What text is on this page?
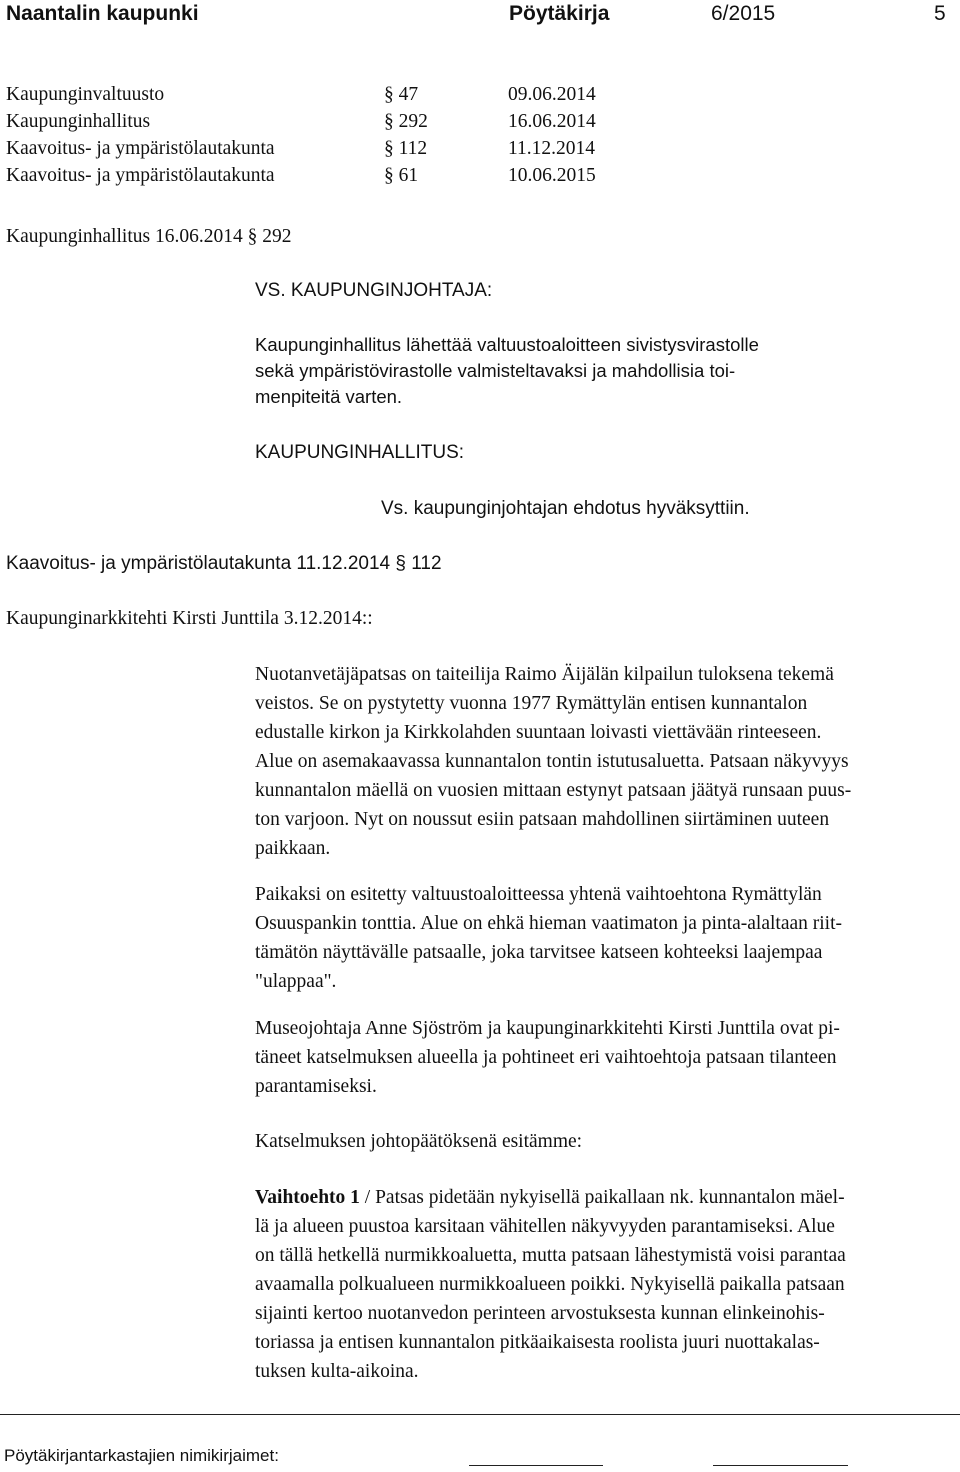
Naantalin kaupunki	Pöytäkirja	6/2015	5
Kaupunginvaltuusto	§ 47	09.06.2014
Kaupunginhallitus	§ 292	16.06.2014
Kaavoitus- ja ympäristölautakunta	§ 112	11.12.2014
Kaavoitus- ja ympäristölautakunta	§ 61	10.06.2015
Kaupunginhallitus 16.06.2014 § 292
VS. KAUPUNGINJOHTAJA:
Kaupunginhallitus lähettää valtuustoaloitteen sivistysvirastolle
sekä ympäristövirastolle valmisteltavaksi ja mahdollisia toi-
menpiteitä varten.
KAUPUNGINHALLITUS:
Vs. kaupunginjohtajan ehdotus hyväksyttiin.
Kaavoitus- ja ympäristölautakunta 11.12.2014 § 112
Kaupunginarkkitehti Kirsti Junttila 3.12.2014::
Nuotanvetäjäpatsas on taiteilija Raimo Äijälän kilpailun tuloksena tekemä
veistos. Se on pystytetty vuonna 1977 Rymättylän entisen kunnantalon
edustalle kirkon ja Kirkkolahden suuntaan loivasti viettävään rinteeseen.
Alue on asemakaavassa kunnantalon tontin istutusaluetta. Patsaan näkyvyys
kunnantalon mäellä on vuosien mittaan estynyt patsaan jäätyä runsaan puus-
ton varjoon. Nyt on noussut esiin patsaan mahdollinen siirtäminen uuteen
paikkaan.
Paikaksi on esitetty valtuustoaloitteessa yhtenä vaihtoehtona Rymättylän
Osuuspankin tonttia. Alue on ehkä hieman vaatimaton ja pinta-alaltaan riit-
tämätön näyttävälle patsaalle, joka tarvitsee katseen kohteeksi laajempaa
"ulappaa".
Museojohtaja Anne Sjöström ja kaupunginarkkitehti Kirsti Junttila ovat pi-
täneet katselmuksen alueella ja pohtineet eri vaihtoehtoja patsaan tilanteen
parantamiseksi.
Katselmuksen johtopäätöksenä esitämme:
Vaihtoehto 1 / Patsas pidetään nykyisellä paikallaan nk. kunnantalon mäel-
lä ja alueen puustoa karsitaan vähitellen näkyvyyden parantamiseksi. Alue
on tällä hetkellä nurmikkoaluetta, mutta patsaan lähestymistä voisi parantaa
avaamalla polkualueen nurmikkoalueen poikki. Nykyisellä paikalla patsaan
sijainti kertoo nuotanvedon perinteen arvostuksesta kunnan elinkeinohis-
toriassa ja entisen kunnantalon pitkäaikaisesta roolista juuri nuottakalas-
tuksen kulta-aikoina.
Pöytäkirjantarkastajien nimikirjaimet:
